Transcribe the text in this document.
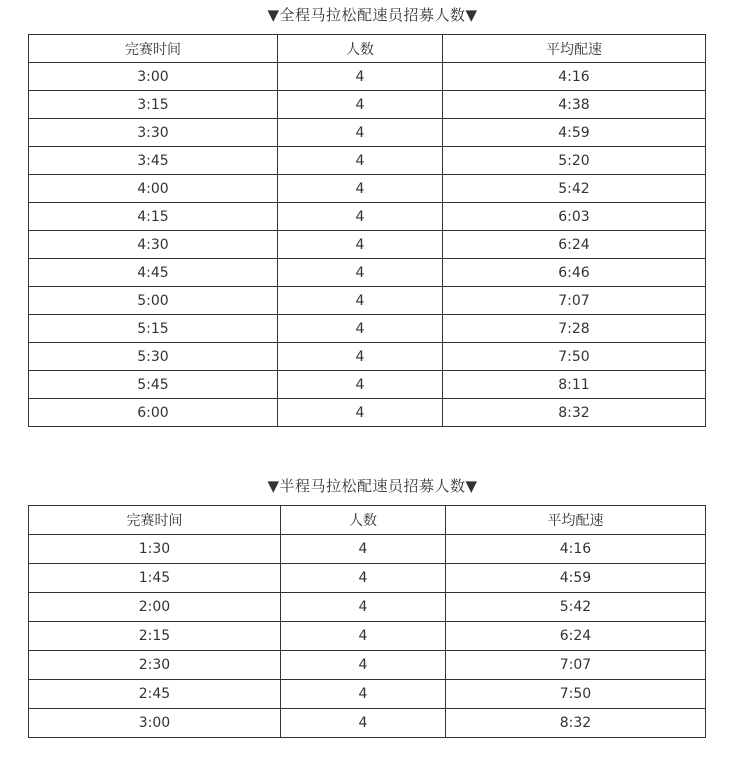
▼全程马拉松配速员招募人数▼
完赛时间	人数	平均配速
3:00	4	4:16
3:15	4	4:38
3:30	4	4:59
3:45	4	5:20
4:00	4	5:42
4:15	4	6:03
4:30	4	6:24
4:45	4	6:46
5:00	4	7:07
5:15	4	7:28
5:30	4	7:50
5:45	4	8:11
6:00	4	8:32
▼半程马拉松配速员招募人数▼
完赛时间	人数	平均配速
1:30	4	4:16
1:45	4	4:59
2:00	4	5:42
2:15	4	6:24
2:30	4	7:07
2:45	4	7:50
3:00	4	8:32
